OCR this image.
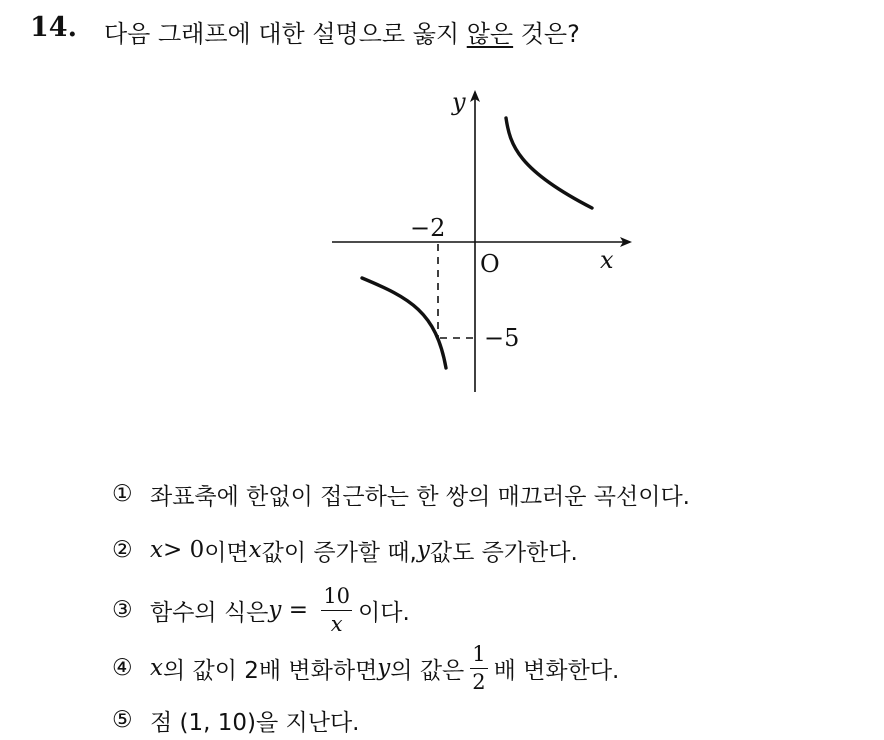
14. 다음 그래프에 대한 설명으로 옳지 않은 것은?
y
x
O
−2
−5
① 좌표축에 한없이 접근하는 한 쌍의 매끄러운 곡선이다.
② x > 0 이면 x 값이 증가할 때, y 값도 증가한다.
③ 함수의 식은 $y = \frac{10}{x}$ 이다.
④ x 의 값이 2배 변화하면 y 의 값은 $\frac{1}{2}$ 배 변화한다.
⑤ 점 (1, 10)을 지난다.
